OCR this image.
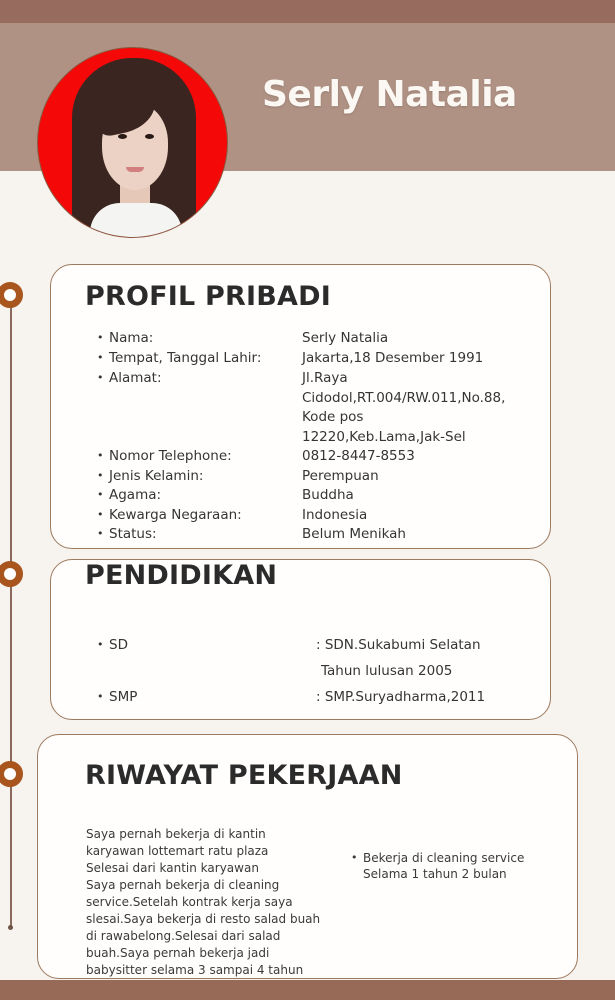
Serly Natalia
PROFIL PRIBADI
• Nama:	Serly Natalia
• Tempat, Tanggal Lahir:	Jakarta,18 Desember 1991
• Alamat:	Jl.Raya
Cidodol,RT.004/RW.011,No.88,
Kode pos
12220,Keb.Lama,Jak-Sel
• Nomor Telephone:	0812-8447-8553
• Jenis Kelamin:	Perempuan
• Agama:	Buddha
• Kewarga Negaraan:	Indonesia
• Status:	Belum Menikah
PENDIDIKAN
• SD	: SDN.Sukabumi Selatan
Tahun lulusan 2005
• SMP	: SMP.Suryadharma,2011
RIWAYAT PEKERJAAN
Saya pernah bekerja di kantin
karyawan lottemart ratu plaza
Selesai dari kantin karyawan
Saya pernah bekerja di cleaning
service.Setelah kontrak kerja saya
slesai.Saya bekerja di resto salad buah
di rawabelong.Selesai dari salad
buah.Saya pernah bekerja jadi
babysitter selama 3 sampai 4 tahun
• Bekerja di cleaning service
Selama 1 tahun 2 bulan
